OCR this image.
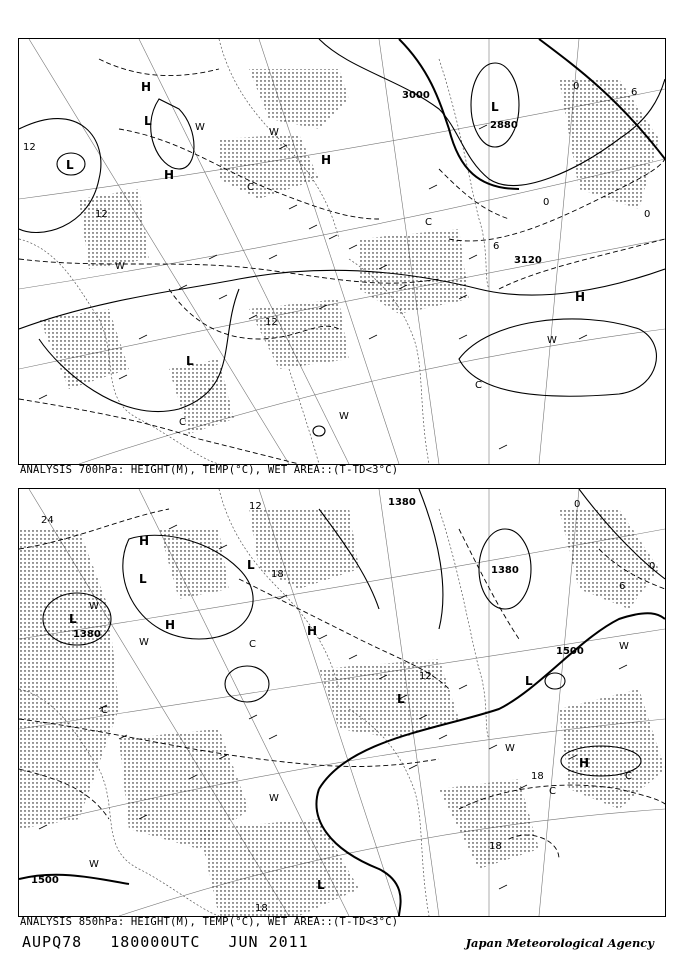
3000
2880
3120
12
12
12
0
0
0
6
6
H
H
L
L
L
L
H
H
W	W
W
W
W
C
C
C
C
ANALYSIS 700hPa: HEIGHT(M), TEMP(°C), WET AREA::(T-TD<3°C)
1380
1380
1380
1500
1500
24
12
18
18
18
6
0
0
12
18
H
L
L	H
L
H
L
L
H
L
W
W
W
W
W
C
C
C
C
W
ANALYSIS 850hPa: HEIGHT(M), TEMP(°C), WET AREA::(T-TD<3°C)
AUPQ78 180000UTC JUN 2011	Japan Meteorological Agency
